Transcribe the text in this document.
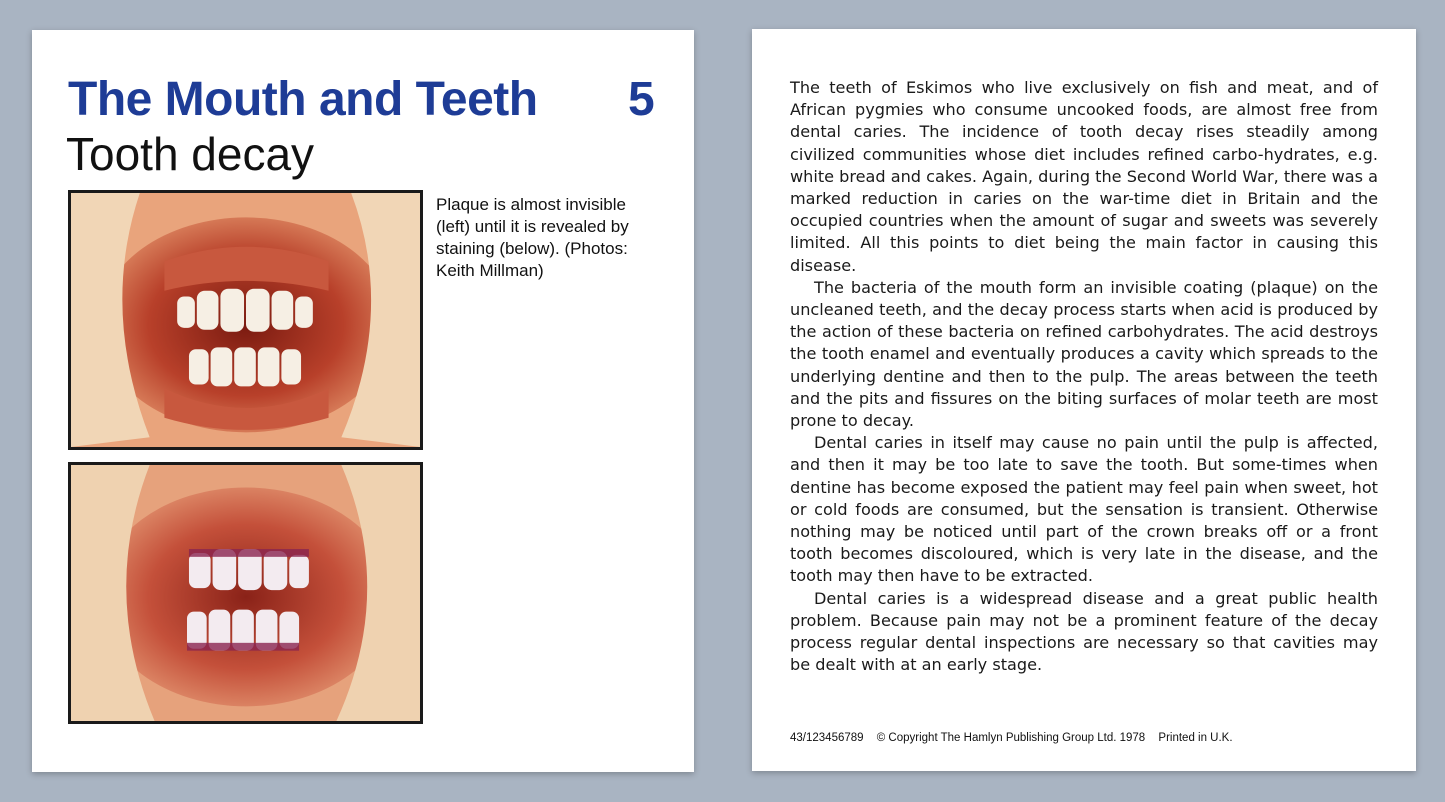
The Mouth and Teeth 5
Tooth decay
Plaque is almost invisible (left) until it is revealed by staining (below). (Photos: Keith Millman)

The teeth of Eskimos who live exclusively on fish and meat, and of African pygmies who consume uncooked foods, are almost free from dental caries. The incidence of tooth decay rises steadily among civilized communities whose diet includes refined carbo-hydrates, e.g. white bread and cakes. Again, during the Second World War, there was a marked reduction in caries on the war-time diet in Britain and the occupied countries when the amount of sugar and sweets was severely limited. All this points to diet being the main factor in causing this disease.

The bacteria of the mouth form an invisible coating (plaque) on the uncleaned teeth, and the decay process starts when acid is produced by the action of these bacteria on refined carbohydrates. The acid destroys the tooth enamel and eventually produces a cavity which spreads to the underlying dentine and then to the pulp. The areas between the teeth and the pits and fissures on the biting surfaces of molar teeth are most prone to decay.

Dental caries in itself may cause no pain until the pulp is affected, and then it may be too late to save the tooth. But some-times when dentine has become exposed the patient may feel pain when sweet, hot or cold foods are consumed, but the sensation is transient. Otherwise nothing may be noticed until part of the crown breaks off or a front tooth becomes discoloured, which is very late in the disease, and the tooth may then have to be extracted.

Dental caries is a widespread disease and a great public health problem. Because pain may not be a prominent feature of the decay process regular dental inspections are necessary so that cavities may be dealt with at an early stage.

43/123456789 © Copyright The Hamlyn Publishing Group Ltd. 1978 Printed in U.K.
